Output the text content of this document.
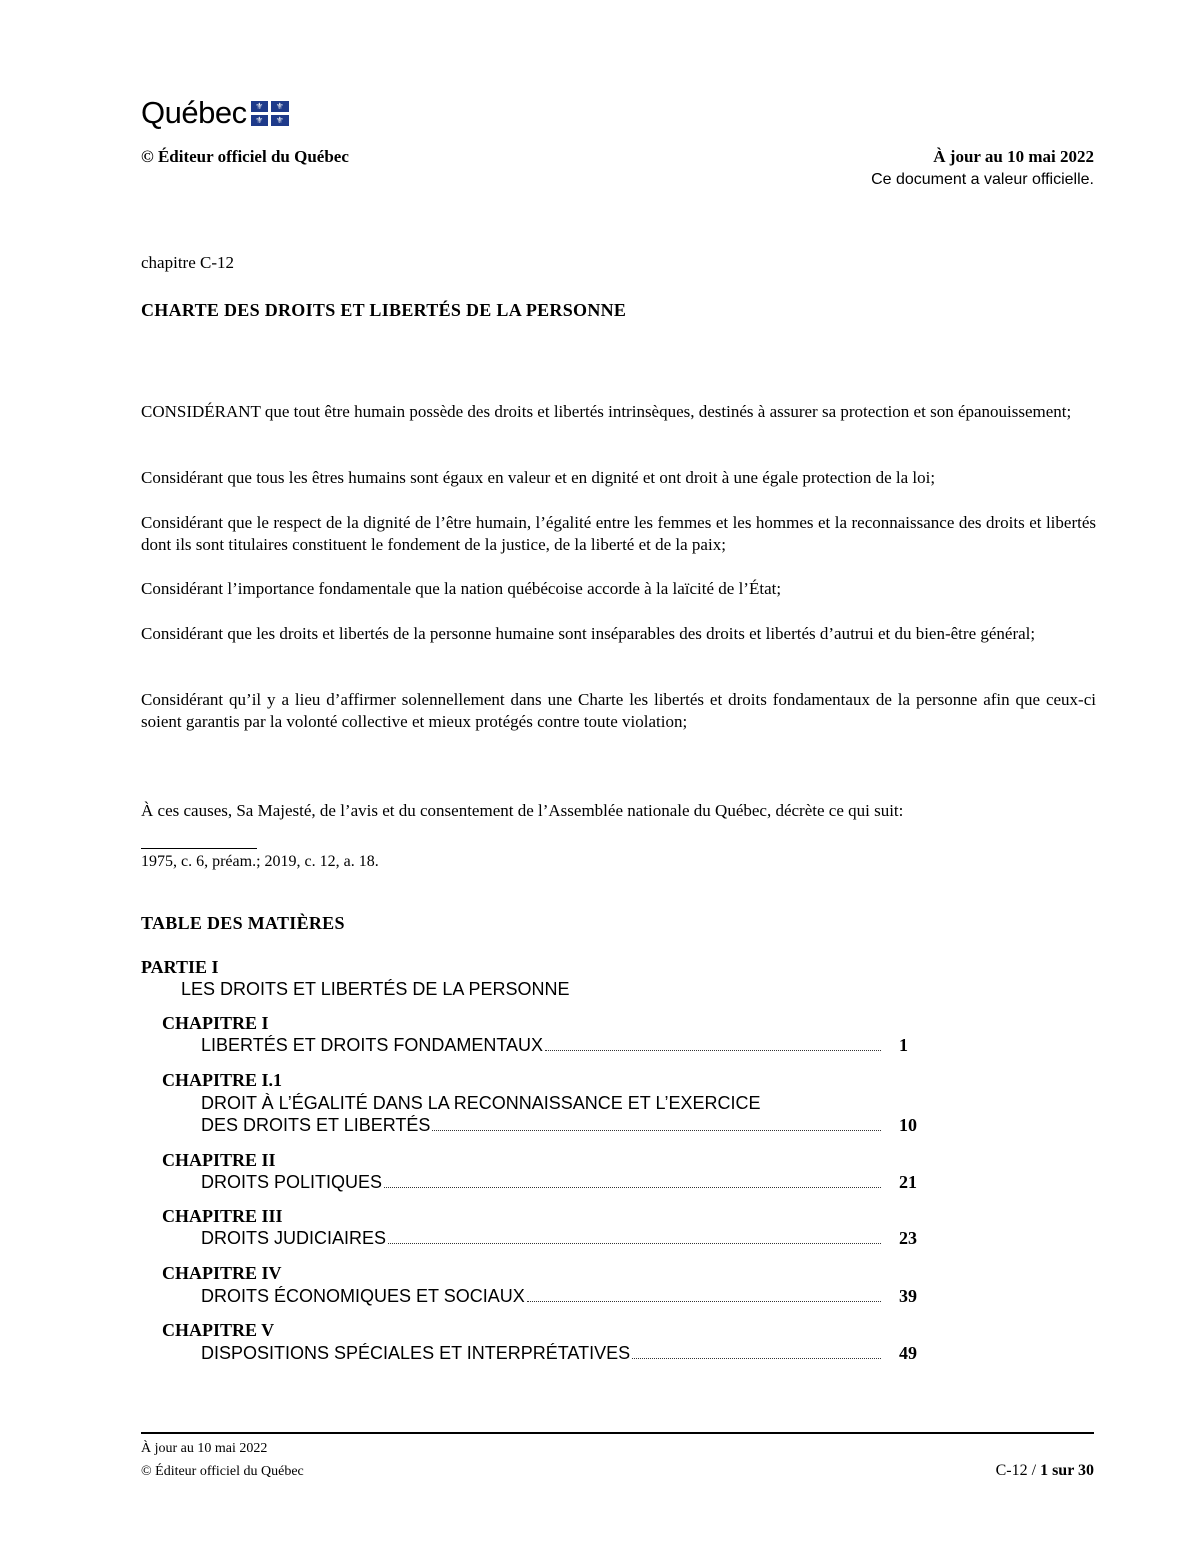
Québec ⚜	⚜
⚜	⚜
© Éditeur officiel du Québec	À jour au 10 mai 2022
Ce document a valeur officielle.
chapitre C-12
CHARTE DES DROITS ET LIBERTÉS DE LA PERSONNE
CONSIDÉRANT que tout être humain possède des droits et libertés intrinsèques, destinés à assurer sa protection et son épanouissement;
Considérant que tous les êtres humains sont égaux en valeur et en dignité et ont droit à une égale protection de la loi;
Considérant que le respect de la dignité de l’être humain, l’égalité entre les femmes et les hommes et la reconnaissance des droits et libertés dont ils sont titulaires constituent le fondement de la justice, de la liberté et de la paix;
Considérant l’importance fondamentale que la nation québécoise accorde à la laïcité de l’État;
Considérant que les droits et libertés de la personne humaine sont inséparables des droits et libertés d’autrui et du bien-être général;
Considérant qu’il y a lieu d’affirmer solennellement dans une Charte les libertés et droits fondamentaux de la personne afin que ceux-ci soient garantis par la volonté collective et mieux protégés contre toute violation;
À ces causes, Sa Majesté, de l’avis et du consentement de l’Assemblée nationale du Québec, décrète ce qui suit:
1975, c. 6, préam.; 2019, c. 12, a. 18.
TABLE DES MATIÈRES
PARTIE I
LES DROITS ET LIBERTÉS DE LA PERSONNE
CHAPITRE I
LIBERTÉS ET DROITS FONDAMENTAUX	1
CHAPITRE I.1
DROIT À L’ÉGALITÉ DANS LA RECONNAISSANCE ET L’EXERCICE
DES DROITS ET LIBERTÉS	10
CHAPITRE II
DROITS POLITIQUES	21
CHAPITRE III
DROITS JUDICIAIRES	23
CHAPITRE IV
DROITS ÉCONOMIQUES ET SOCIAUX	39
CHAPITRE V
DISPOSITIONS SPÉCIALES ET INTERPRÉTATIVES	49
À jour au 10 mai 2022
© Éditeur officiel du Québec	C-12 / 1 sur 30
